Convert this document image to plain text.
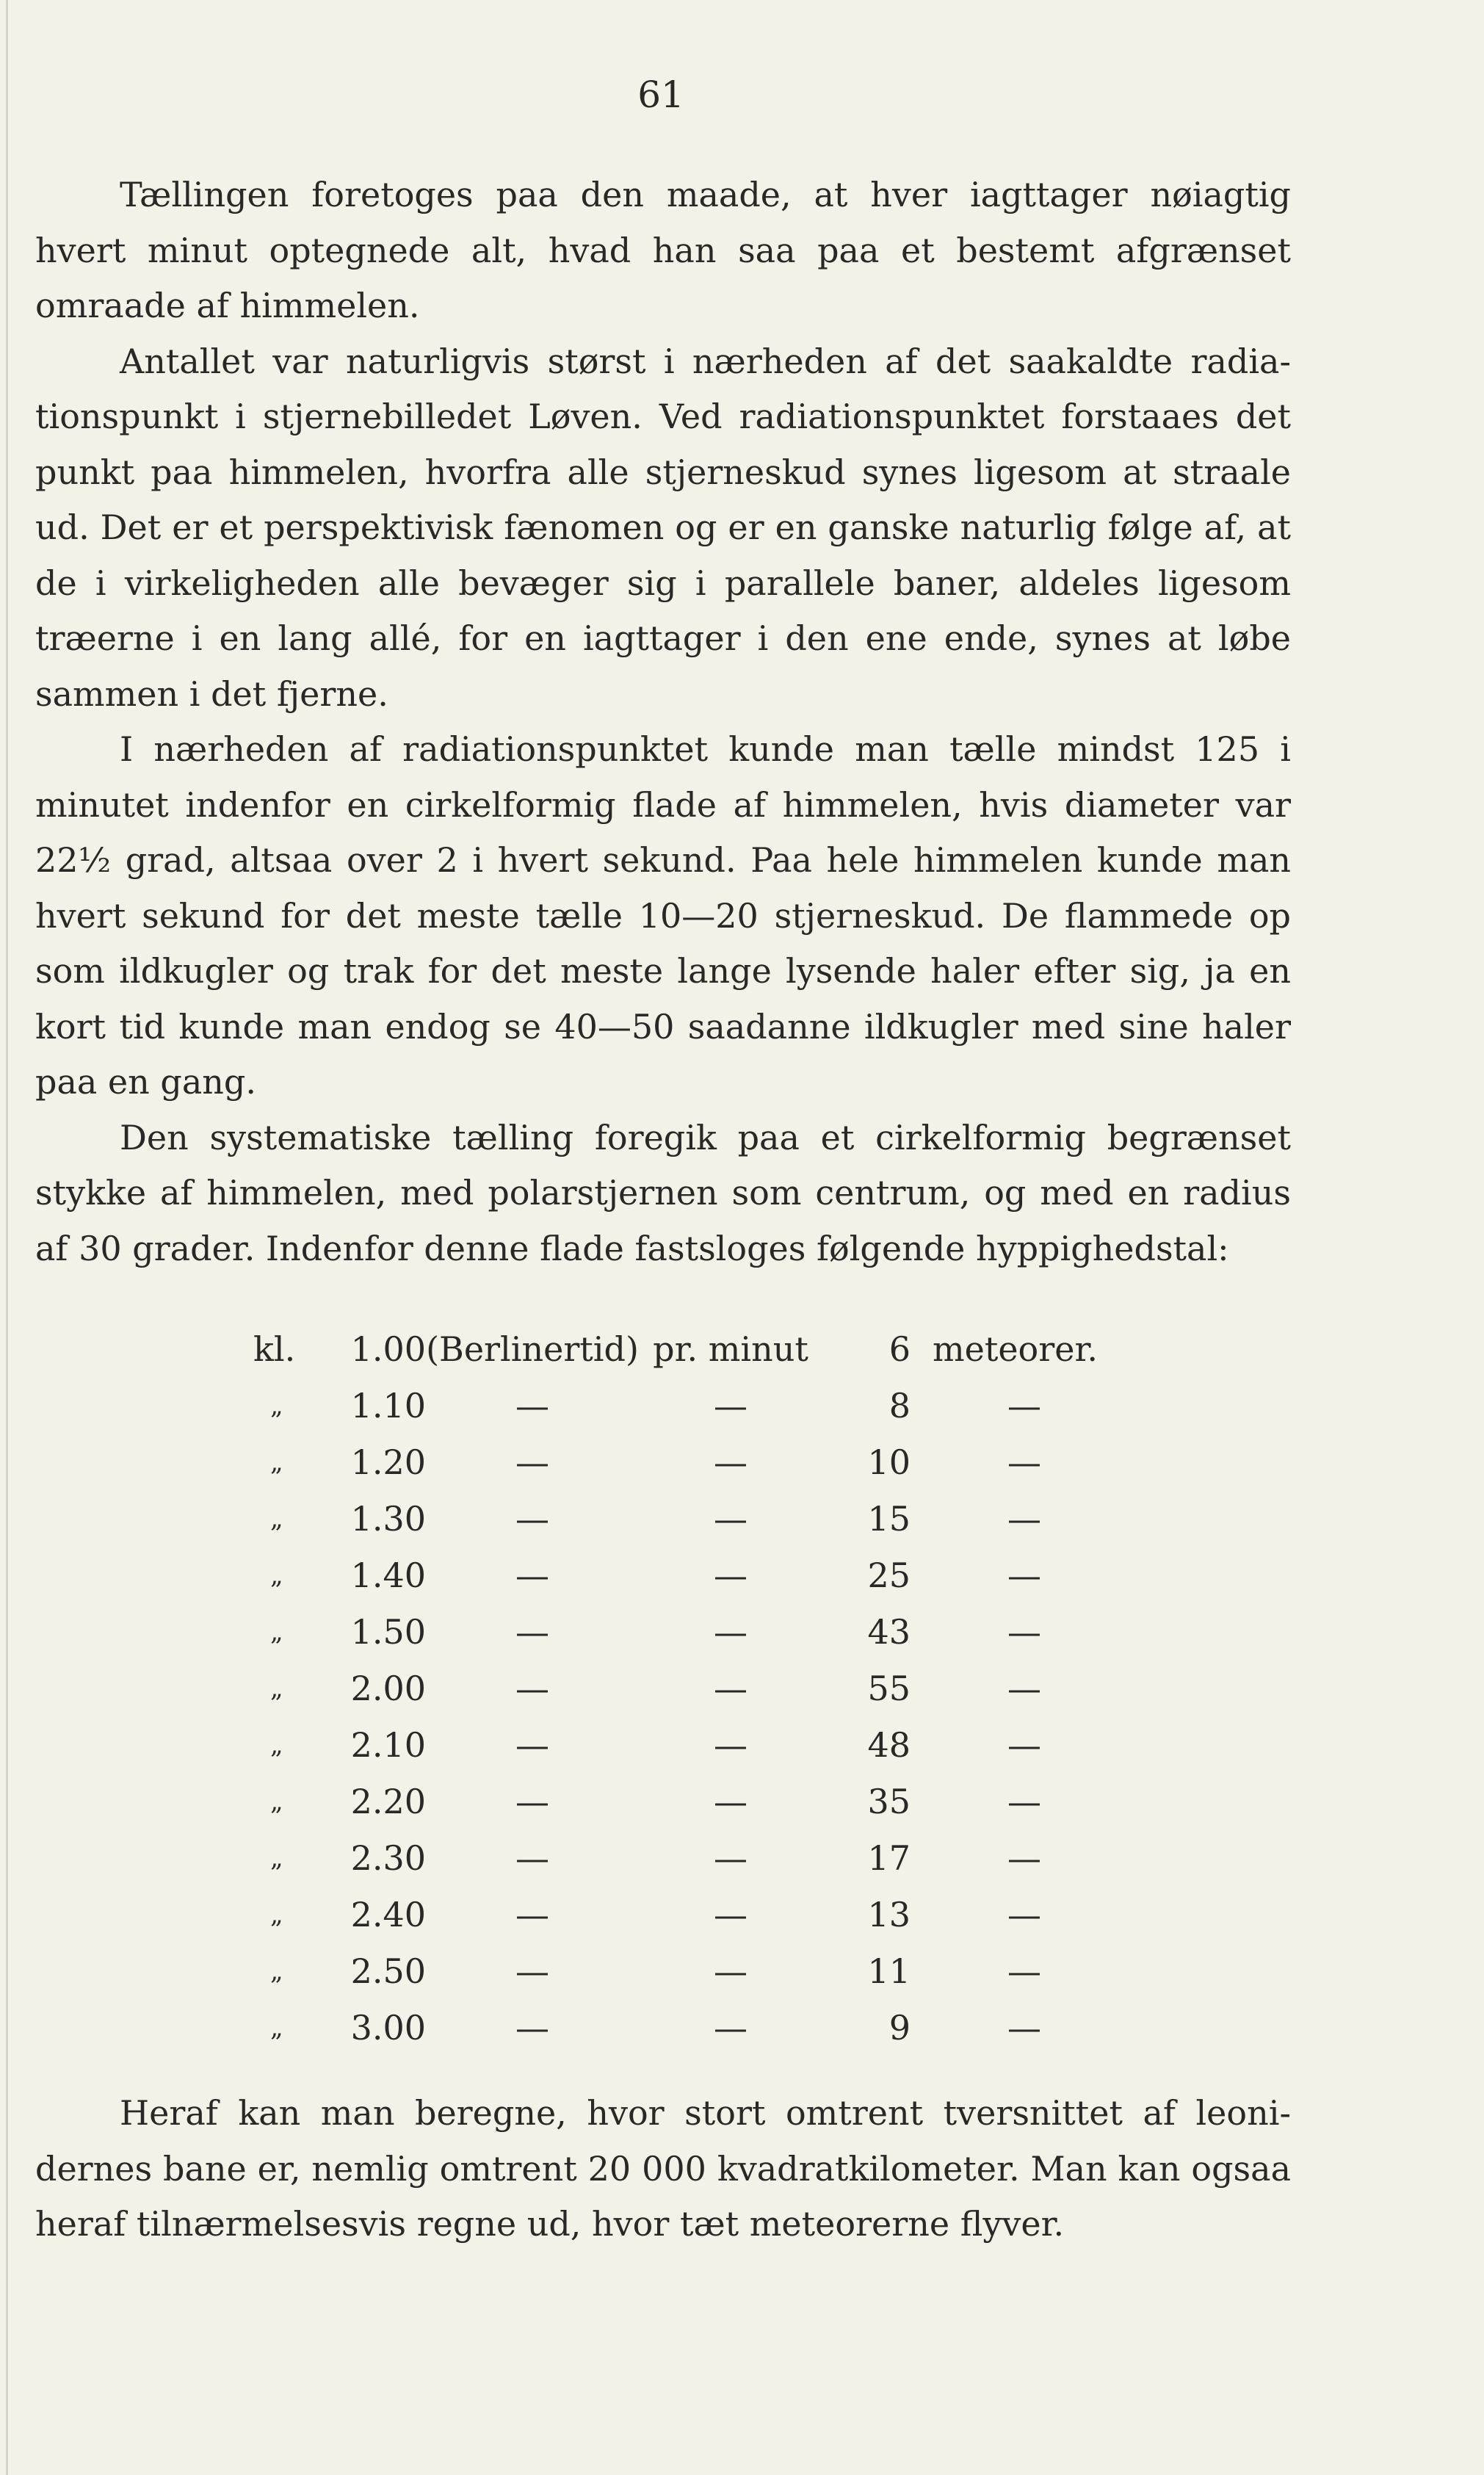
61

Tællingen foretoges paa den maade, at hver iagttager nøiagtig hvert minut optegnede alt, hvad han saa paa et bestemt afgrænset omraade af himmelen.

Antallet var naturligvis størst i nærheden af det saakaldte radiationspunkt i stjernebilledet Løven. Ved radiationspunktet forstaaes det punkt paa himmelen, hvorfra alle stjerneskud synes ligesom at straale ud. Det er et perspektivisk fænomen og er en ganske naturlig følge af, at de i virkeligheden alle bevæger sig i parallele baner, aldeles ligesom træerne i en lang allé, for en iagttager i den ene ende, synes at løbe sammen i det fjerne.

I nærheden af radiationspunktet kunde man tælle mindst 125 i minutet indenfor en cirkelformig flade af himmelen, hvis diameter var 22½ grad, altsaa over 2 i hvert sekund. Paa hele himmelen kunde man hvert sekund for det meste tælle 10—20 stjerneskud. De flammede op som ildkugler og trak for det meste lange lysende haler efter sig, ja en kort tid kunde man endog se 40—50 saadanne ildkugler med sine haler paa en gang.

Den systematiske tælling foregik paa et cirkelformig begrænset stykke af himmelen, med polarstjernen som centrum, og med en radius af 30 grader. Indenfor denne flade fastsloges følgende hyppighedstal:

kl.	1.00 (Berlinertid) pr. minut	6 meteorer.
„	1.10	—	—	8	—
„	1.20	—	—	10	—
„	1.30	—	—	15	—
„	1.40	—	—	25	—
„	1.50	—	—	43	—
„	2.00	—	—	55	—
„	2.10	—	—	48	—
„	2.20	—	—	35	—
„	2.30	—	—	17	—
„	2.40	—	—	13	—
„	2.50	—	—	11	—
„	3.00	—	—	9	—

Heraf kan man beregne, hvor stort omtrent tversnittet af leonidernes bane er, nemlig omtrent 20 000 kvadratkilometer. Man kan ogsaa heraf tilnærmelsesvis regne ud, hvor tæt meteorerne flyver.
